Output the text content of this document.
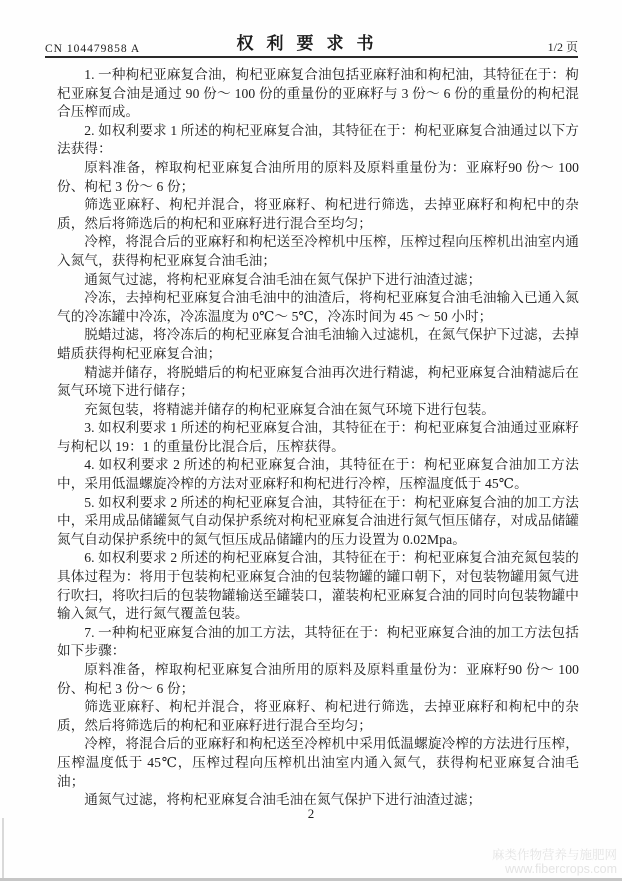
CN 104479858 A	权利要求书	1/2 页

1. 一种枸杞亚麻复合油，枸杞亚麻复合油包括亚麻籽油和枸杞油，其特征在于：枸杞亚麻复合油是通过 90 份～ 100 份的重量份的亚麻籽与 3 份～ 6 份的重量份的枸杞混合压榨而成。

2. 如权利要求 1 所述的枸杞亚麻复合油，其特征在于：枸杞亚麻复合油通过以下方法获得：

原料准备，榨取枸杞亚麻复合油所用的原料及原料重量份为：亚麻籽90 份～ 100 份、枸杞 3 份～ 6 份；

筛选亚麻籽、枸杞并混合，将亚麻籽、枸杞进行筛选，去掉亚麻籽和枸杞中的杂质，然后将筛选后的枸杞和亚麻籽进行混合至均匀；

冷榨，将混合后的亚麻籽和枸杞送至冷榨机中压榨，压榨过程向压榨机出油室内通入氮气，获得枸杞亚麻复合油毛油；

通氮气过滤，将枸杞亚麻复合油毛油在氮气保护下进行油渣过滤；

冷冻，去掉枸杞亚麻复合油毛油中的油渣后，将枸杞亚麻复合油毛油输入已通入氮气的冷冻罐中冷冻，冷冻温度为 0℃～ 5℃，冷冻时间为 45 ～ 50 小时；

脱蜡过滤，将冷冻后的枸杞亚麻复合油毛油输入过滤机，在氮气保护下过滤，去掉蜡质获得枸杞亚麻复合油；

精滤并储存，将脱蜡后的枸杞亚麻复合油再次进行精滤，枸杞亚麻复合油精滤后在氮气环境下进行储存；

充氮包装，将精滤并储存的枸杞亚麻复合油在氮气环境下进行包装。

3. 如权利要求 1 所述的枸杞亚麻复合油，其特征在于：枸杞亚麻复合油通过亚麻籽与枸杞以 19：1 的重量份比混合后，压榨获得。

4. 如权利要求 2 所述的枸杞亚麻复合油，其特征在于：枸杞亚麻复合油加工方法中，采用低温螺旋冷榨的方法对亚麻籽和枸杞进行冷榨，压榨温度低于 45℃。

5. 如权利要求 2 所述的枸杞亚麻复合油，其特征在于：枸杞亚麻复合油的加工方法中，采用成品储罐氮气自动保护系统对枸杞亚麻复合油进行氮气恒压储存，对成品储罐氮气自动保护系统中的氮气恒压成品储罐内的压力设置为 0.02Mpa。

6. 如权利要求 2 所述的枸杞亚麻复合油，其特征在于：枸杞亚麻复合油充氮包装的具体过程为：将用于包装枸杞亚麻复合油的包装物罐的罐口朝下，对包装物罐用氮气进行吹扫，将吹扫后的包装物罐输送至罐装口，灌装枸杞亚麻复合油的同时向包装物罐中输入氮气，进行氮气覆盖包装。

7. 一种枸杞亚麻复合油的加工方法，其特征在于：枸杞亚麻复合油的加工方法包括如下步骤：

原料准备，榨取枸杞亚麻复合油所用的原料及原料重量份为：亚麻籽90 份～ 100 份、枸杞 3 份～ 6 份；

筛选亚麻籽、枸杞并混合，将亚麻籽、枸杞进行筛选，去掉亚麻籽和枸杞中的杂质，然后将筛选后的枸杞和亚麻籽进行混合至均匀；

冷榨，将混合后的亚麻籽和枸杞送至冷榨机中采用低温螺旋冷榨的方法进行压榨，压榨温度低于 45℃，压榨过程向压榨机出油室内通入氮气，获得枸杞亚麻复合油毛油；

通氮气过滤，将枸杞亚麻复合油毛油在氮气保护下进行油渣过滤；

2
麻类作物营养与施肥网
www.fibercrops.com
